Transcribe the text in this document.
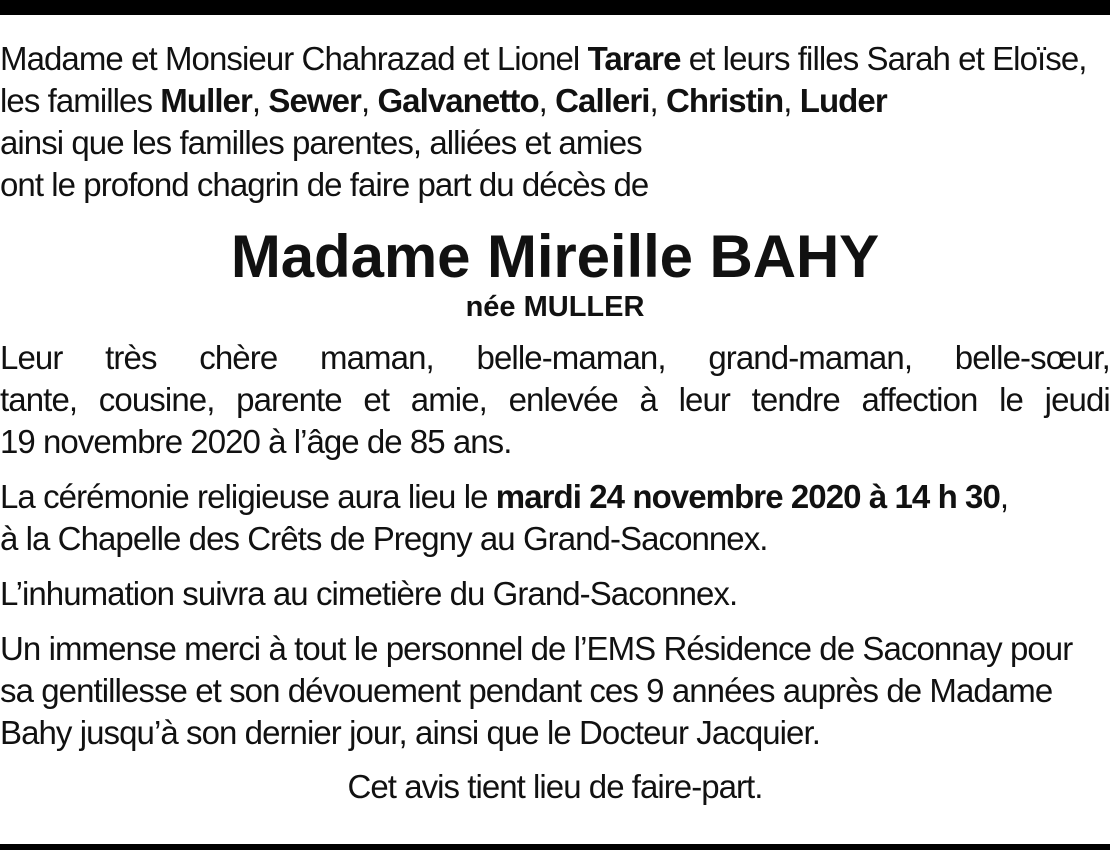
Madame et Monsieur Chahrazad et Lionel Tarare et leurs filles Sarah et Eloïse,
les familles Muller, Sewer, Galvanetto, Calleri, Christin, Luder
ainsi que les familles parentes, alliées et amies
ont le profond chagrin de faire part du décès de
Madame Mireille BAHY
née MULLER
Leur très chère maman, belle-maman, grand-maman, belle-sœur,
tante, cousine, parente et amie, enlevée à leur tendre affection le jeudi
19 novembre 2020 à l’âge de 85 ans.
La cérémonie religieuse aura lieu le mardi 24 novembre 2020 à 14 h 30,
à la Chapelle des Crêts de Pregny au Grand-Saconnex.
L’inhumation suivra au cimetière du Grand-Saconnex.
Un immense merci à tout le personnel de l’EMS Résidence de Saconnay pour
sa gentillesse et son dévouement pendant ces 9 années auprès de Madame
Bahy jusqu’à son dernier jour, ainsi que le Docteur Jacquier.
Cet avis tient lieu de faire-part.
